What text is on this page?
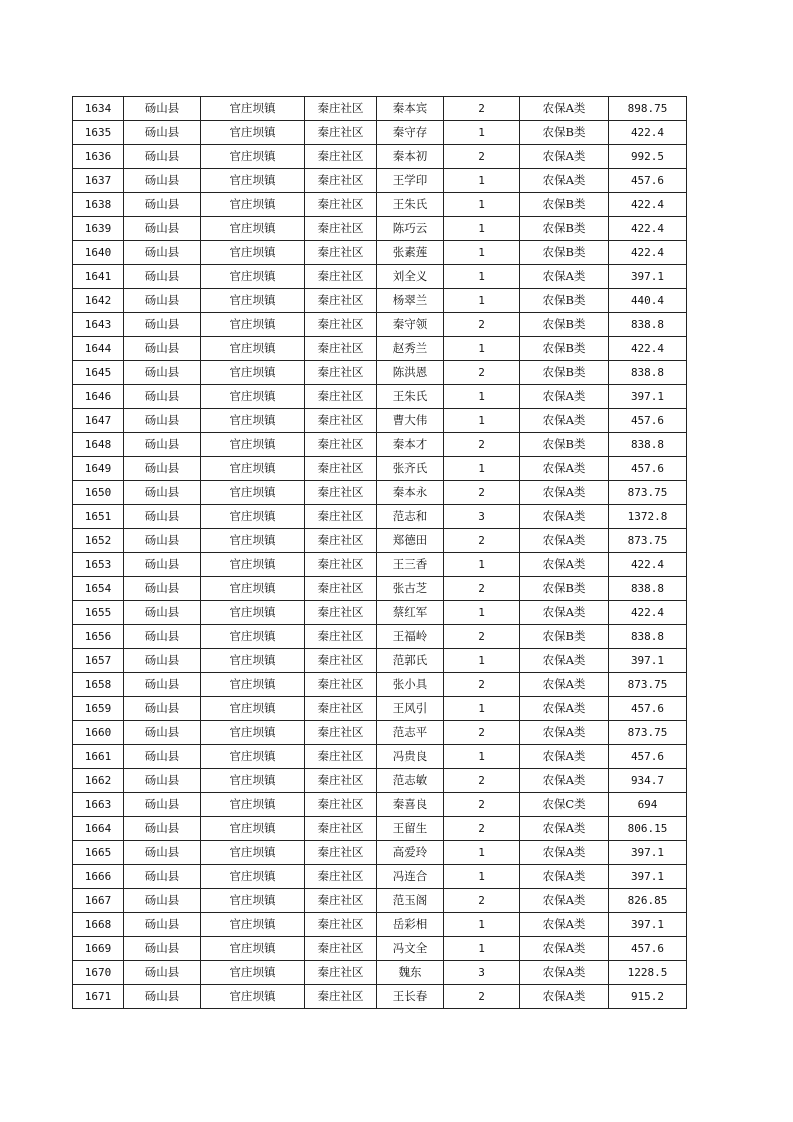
1634	砀山县	官庄坝镇	秦庄社区	秦本宾	2	农保A类	898.75
1635	砀山县	官庄坝镇	秦庄社区	秦守存	1	农保B类	422.4
1636	砀山县	官庄坝镇	秦庄社区	秦本初	2	农保A类	992.5
1637	砀山县	官庄坝镇	秦庄社区	王学印	1	农保A类	457.6
1638	砀山县	官庄坝镇	秦庄社区	王朱氏	1	农保B类	422.4
1639	砀山县	官庄坝镇	秦庄社区	陈巧云	1	农保B类	422.4
1640	砀山县	官庄坝镇	秦庄社区	张素莲	1	农保B类	422.4
1641	砀山县	官庄坝镇	秦庄社区	刘全义	1	农保A类	397.1
1642	砀山县	官庄坝镇	秦庄社区	杨翠兰	1	农保B类	440.4
1643	砀山县	官庄坝镇	秦庄社区	秦守领	2	农保B类	838.8
1644	砀山县	官庄坝镇	秦庄社区	赵秀兰	1	农保B类	422.4
1645	砀山县	官庄坝镇	秦庄社区	陈洪恩	2	农保B类	838.8
1646	砀山县	官庄坝镇	秦庄社区	王朱氏	1	农保A类	397.1
1647	砀山县	官庄坝镇	秦庄社区	曹大伟	1	农保A类	457.6
1648	砀山县	官庄坝镇	秦庄社区	秦本才	2	农保B类	838.8
1649	砀山县	官庄坝镇	秦庄社区	张齐氏	1	农保A类	457.6
1650	砀山县	官庄坝镇	秦庄社区	秦本永	2	农保A类	873.75
1651	砀山县	官庄坝镇	秦庄社区	范志和	3	农保A类	1372.8
1652	砀山县	官庄坝镇	秦庄社区	郑德田	2	农保A类	873.75
1653	砀山县	官庄坝镇	秦庄社区	王三香	1	农保A类	422.4
1654	砀山县	官庄坝镇	秦庄社区	张古芝	2	农保B类	838.8
1655	砀山县	官庄坝镇	秦庄社区	蔡红军	1	农保A类	422.4
1656	砀山县	官庄坝镇	秦庄社区	王福岭	2	农保B类	838.8
1657	砀山县	官庄坝镇	秦庄社区	范郭氏	1	农保A类	397.1
1658	砀山县	官庄坝镇	秦庄社区	张小具	2	农保A类	873.75
1659	砀山县	官庄坝镇	秦庄社区	王风引	1	农保A类	457.6
1660	砀山县	官庄坝镇	秦庄社区	范志平	2	农保A类	873.75
1661	砀山县	官庄坝镇	秦庄社区	冯贵良	1	农保A类	457.6
1662	砀山县	官庄坝镇	秦庄社区	范志敏	2	农保A类	934.7
1663	砀山县	官庄坝镇	秦庄社区	秦喜良	2	农保C类	694
1664	砀山县	官庄坝镇	秦庄社区	王留生	2	农保A类	806.15
1665	砀山县	官庄坝镇	秦庄社区	高爱玲	1	农保A类	397.1
1666	砀山县	官庄坝镇	秦庄社区	冯连合	1	农保A类	397.1
1667	砀山县	官庄坝镇	秦庄社区	范玉阁	2	农保A类	826.85
1668	砀山县	官庄坝镇	秦庄社区	岳彩相	1	农保A类	397.1
1669	砀山县	官庄坝镇	秦庄社区	冯文全	1	农保A类	457.6
1670	砀山县	官庄坝镇	秦庄社区	魏东	3	农保A类	1228.5
1671	砀山县	官庄坝镇	秦庄社区	王长春	2	农保A类	915.2
